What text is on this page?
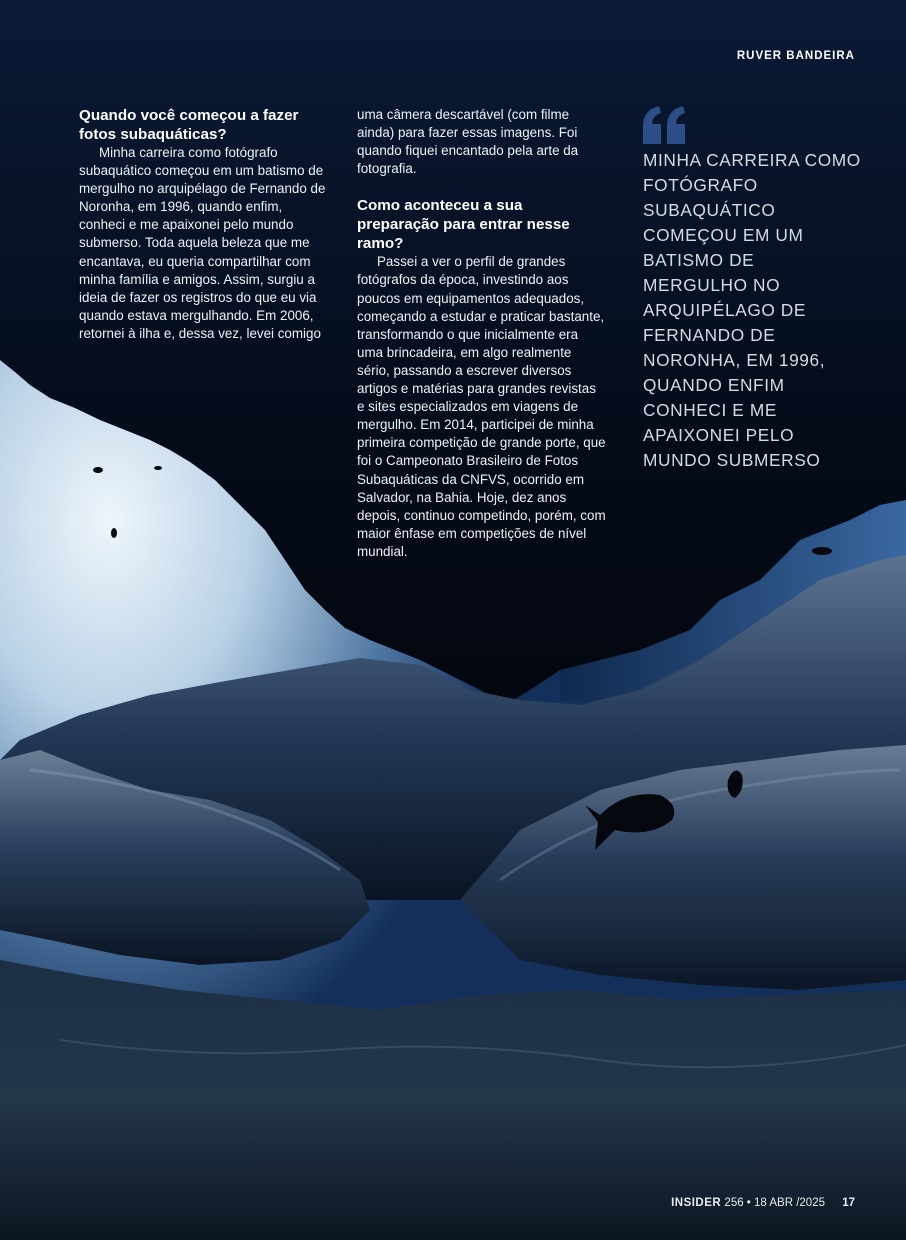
RUVER BANDEIRA
Quando você começou a fazer fotos subaquáticas?

Minha carreira como fotógrafo subaquático começou em um batismo de mergulho no arquipélago de Fernando de Noronha, em 1996, quando enfim, conheci e me apaixonei pelo mundo submerso. Toda aquela beleza que me encantava, eu queria compartilhar com minha família e amigos. Assim, surgiu a ideia de fazer os registros do que eu via quando estava mergulhando. Em 2006, retornei à ilha e, dessa vez, levei comigo

uma câmera descartável (com filme ainda) para fazer essas imagens. Foi quando fiquei encantado pela arte da fotografia.

Como aconteceu a sua preparação para entrar nesse ramo?

Passei a ver o perfil de grandes fotógrafos da época, investindo aos poucos em equipamentos adequados, começando a estudar e praticar bastante, transformando o que inicialmente era uma brincadeira, em algo realmente sério, passando a escrever diversos artigos e matérias para grandes revistas e sites especializados em viagens de mergulho. Em 2014, participei de minha primeira competição de grande porte, que foi o Campeonato Brasileiro de Fotos Subaquáticas da CNFVS, ocorrido em Salvador, na Bahia. Hoje, dez anos depois, continuo competindo, porém, com maior ênfase em competições de nível mundial.

MINHA CARREIRA COMO FOTÓGRAFO SUBAQUÁTICO COMEÇOU EM UM BATISMO DE MERGULHO NO ARQUIPÉLAGO DE FERNANDO DE NORONHA, EM 1996, QUANDO ENFIM CONHECI E ME APAIXONEI PELO MUNDO SUBMERSO
INSIDER 256 • 18 ABR /2025 17
